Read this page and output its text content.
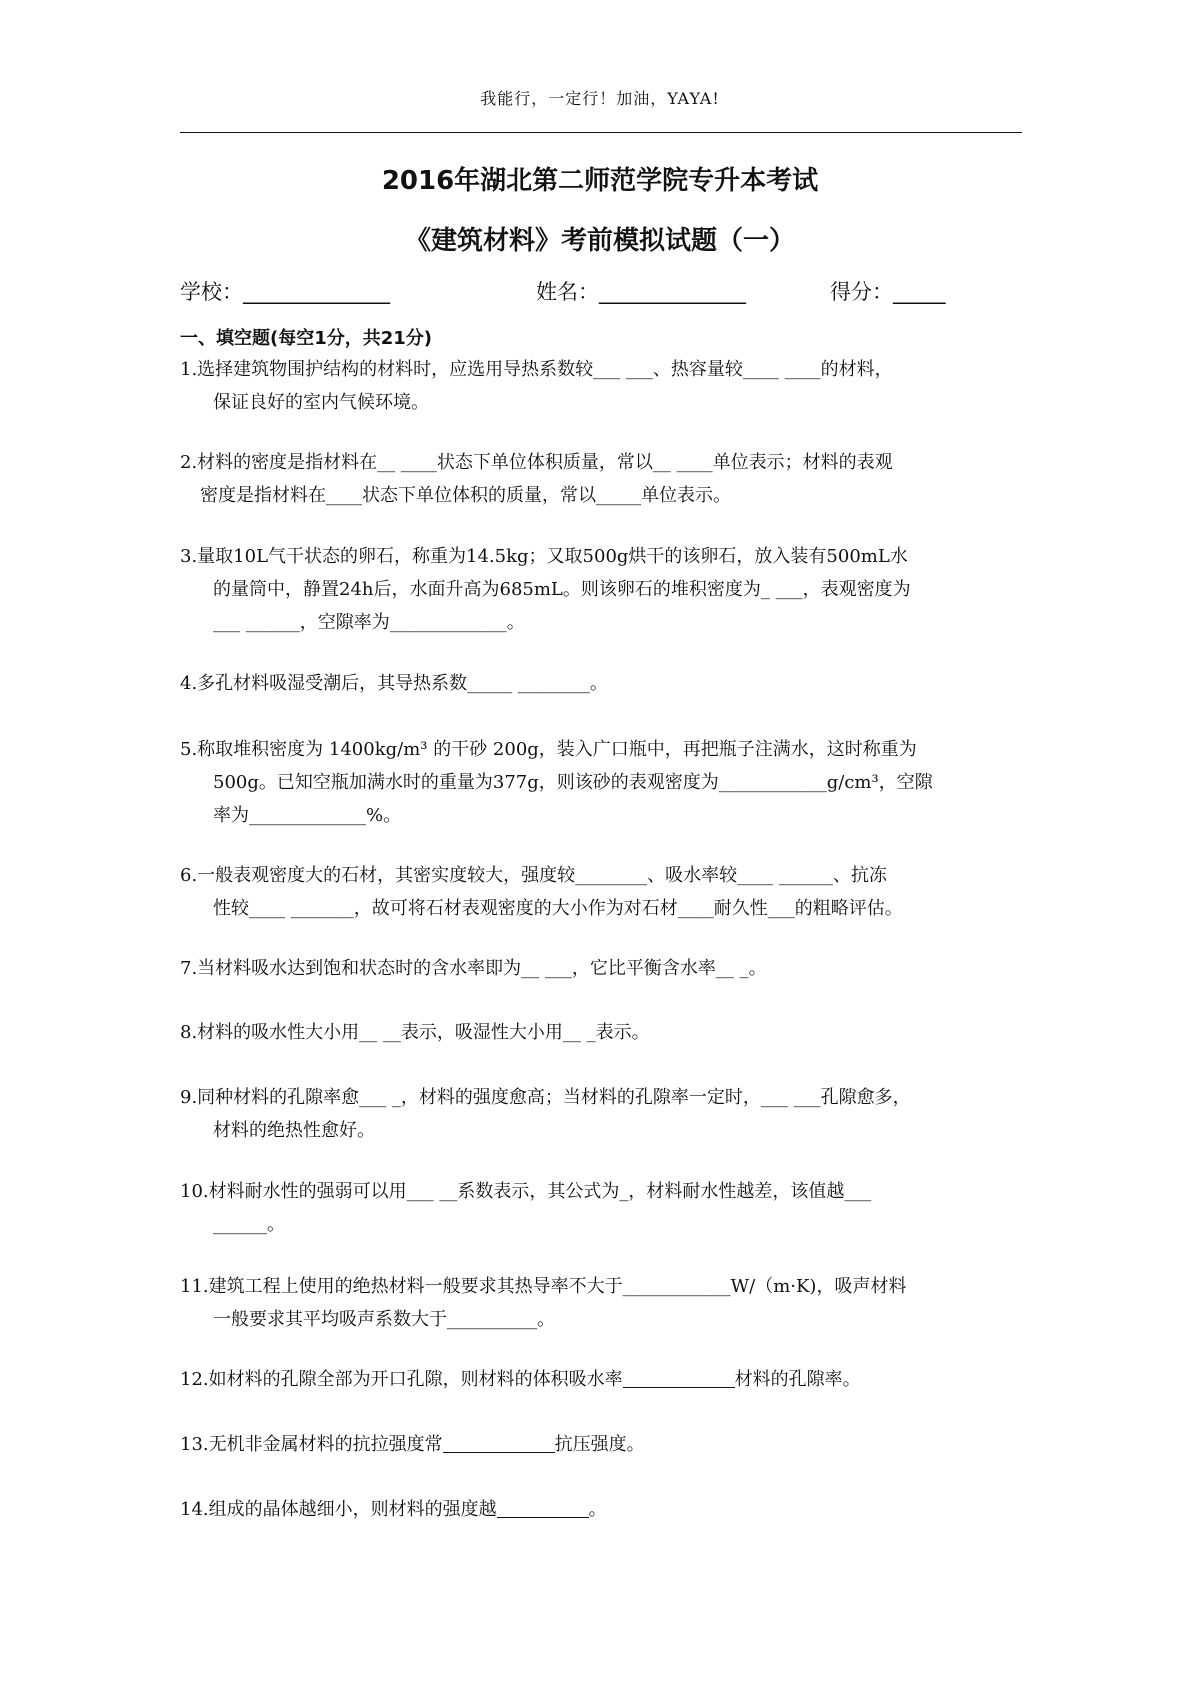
我能行，一定行！加油，YAYA!
2016年湖北第二师范学院专升本考试
《建筑材料》考前模拟试题（一）
学校：______________	姓名：______________	得分：_____
一、填空题(每空1分，共21分)
1.选择建筑物围护结构的材料时，应选用导热系数较___ ___、热容量较____ ____的材料，
保证良好的室内气候环境。
2.材料的密度是指材料在__ ____状态下单位体积质量，常以__ ____单位表示；材料的表观
密度是指材料在____状态下单位体积的质量，常以_____单位表示。
3.量取10L气干状态的卵石，称重为14.5kg；又取500g烘干的该卵石，放入装有500mL水
的量筒中，静置24h后，水面升高为685mL。则该卵石的堆积密度为_ ___，表观密度为
___ ______，空隙率为_____________。
4.多孔材料吸湿受潮后，其导热系数_____ ________。
5.称取堆积密度为 1400kg/m³ 的干砂 200g，装入广口瓶中，再把瓶子注满水，这时称重为
500g。已知空瓶加满水时的重量为377g，则该砂的表观密度为____________g/cm³，空隙
率为_____________%。
6.一般表观密度大的石材，其密实度较大，强度较________、吸水率较____ ______、抗冻
性较____ _______，故可将石材表观密度的大小作为对石材____耐久性___的粗略评估。
7.当材料吸水达到饱和状态时的含水率即为__ ___，它比平衡含水率__ _。
8.材料的吸水性大小用__ __表示，吸湿性大小用__ _表示。
9.同种材料的孔隙率愈___ _，材料的强度愈高；当材料的孔隙率一定时，___ ___孔隙愈多，
材料的绝热性愈好。
10.材料耐水性的强弱可以用___ __系数表示，其公式为_，材料耐水性越差，该值越___
______。
11.建筑工程上使用的绝热材料一般要求其热导率不大于____________W/（m·K)，吸声材料
一般要求其平均吸声系数大于__________。
12.如材料的孔隙全部为开口孔隙，则材料的体积吸水率	材料的孔隙率。
13.无机非金属材料的抗拉强度常	抗压强度。
14.组成的晶体越细小，则材料的强度越	。
